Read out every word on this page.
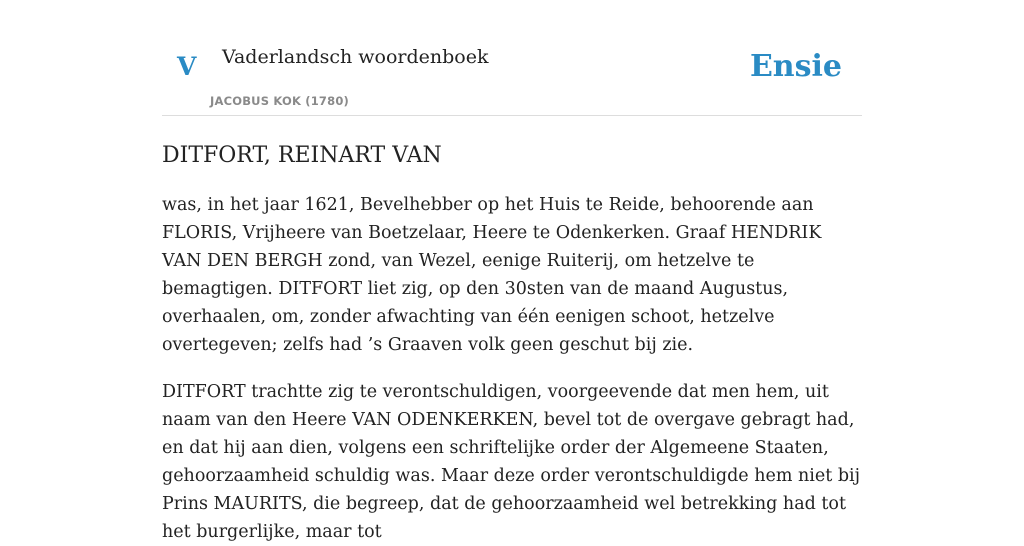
V Vaderlandsch woordenboek
JACOBUS KOK (1780)
Ensie
DITFORT, REINART VAN

was, in het jaar 1621, Bevelhebber op het Huis te Reide, behoorende aan FLORIS, Vrijheere van Boetzelaar, Heere te Odenkerken. Graaf HENDRIK VAN DEN BERGH zond, van Wezel, eenige Ruiterij, om hetzelve te bemagtigen. DITFORT liet zig, op den 30sten van de maand Augustus, overhaalen, om, zonder afwachting van één eenigen schoot, hetzelve overtegeven; zelfs had ’s Graaven volk geen geschut bij zie.

DITFORT trachtte zig te verontschuldigen, voorgeevende dat men hem, uit naam van den Heere VAN ODENKERKEN, bevel tot de overgave gebragt had, en dat hij aan dien, volgens een schriftelijke order der Algemeene Staaten, gehoorzaamheid schuldig was. Maar deze order verontschuldigde hem niet bij Prins MAURITS, die begreep, dat de gehoorzaamheid wel betrekking had tot het burgerlijke, maar tot
